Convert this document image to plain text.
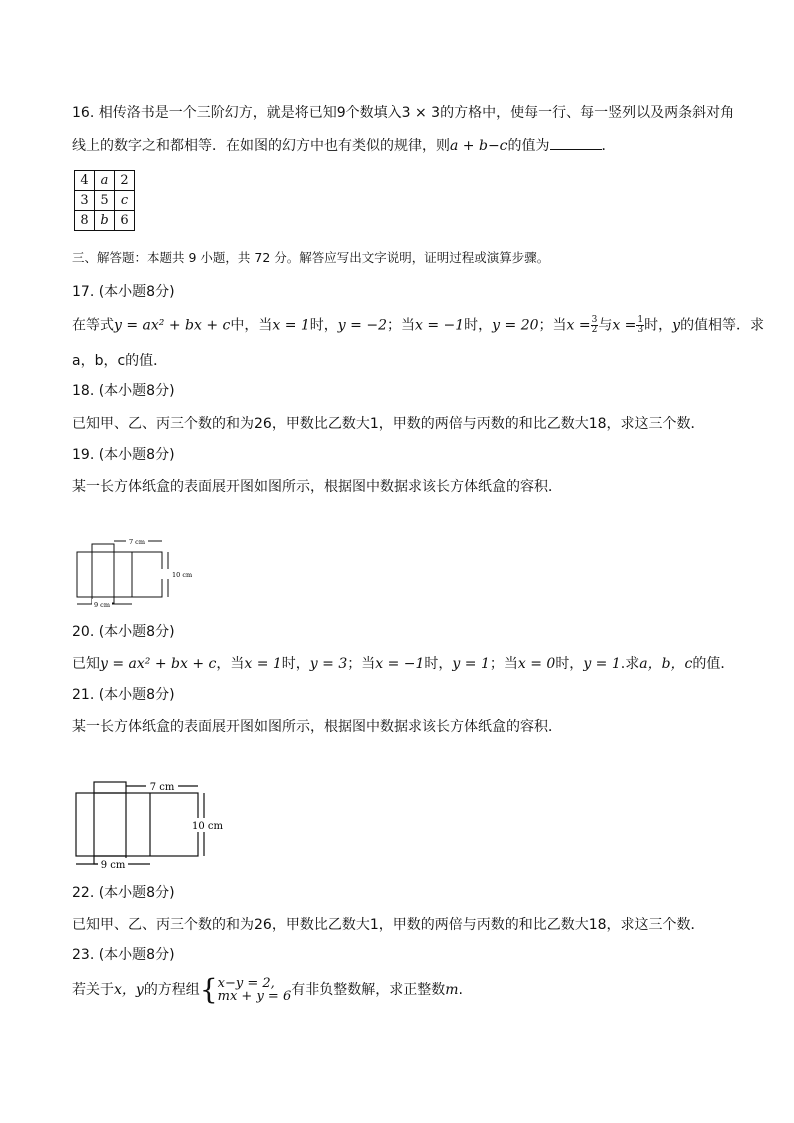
16. 相传洛书是一个三阶幻方，就是将已知9个数填入3 × 3的方格中，使每一行、每一竖列以及两条斜对角
线上的数字之和都相等．在如图的幻方中也有类似的规律，则a + b−c的值为	．
4	a	2
3	5	c
8	b	6
三、解答题：本题共 9 小题，共 72 分。解答应写出文字说明，证明过程或演算步骤。
17. (本小题8分)
在等式y = ax² + bx + c中，当x = 1时，y = −2；当x = −1时，y = 20；当$x = \frac{3}{2}$ 与$x = \frac{1}{3}$ 时，y的值相等．求
a，b，c的值．
18. (本小题8分)
已知甲、乙、丙三个数的和为26，甲数比乙数大1，甲数的两倍与丙数的和比乙数大18，求这三个数．
19. (本小题8分)
某一长方体纸盒的表面展开图如图所示，根据图中数据求该长方体纸盒的容积．
7 cm
10 cm
9 cm
20. (本小题8分)
已知y = ax² + bx + c，当x = 1时，y = 3；当x = −1时，y = 1；当x = 0时，y = 1.求a，b，c的值．
21. (本小题8分)
某一长方体纸盒的表面展开图如图所示，根据图中数据求该长方体纸盒的容积．
7 cm
10 cm
9 cm
22. (本小题8分)
已知甲、乙、丙三个数的和为26，甲数比乙数大1，甲数的两倍与丙数的和比乙数大18，求这三个数．
23. (本小题8分)
若关于x，y的方程组{ x−y = 2,
mx + y = 6 有非负整数解，求正整数m.
